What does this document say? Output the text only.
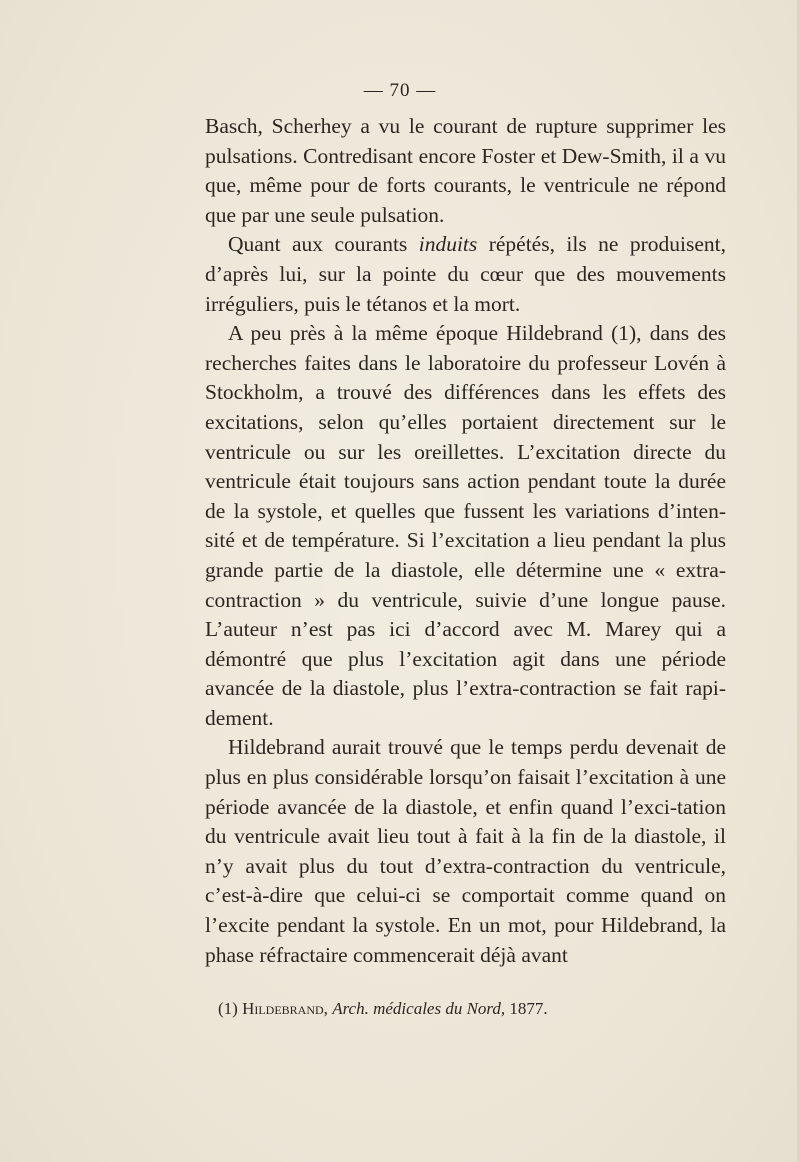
— 70 —

Basch, Scherhey a vu le courant de rupture supprimer les pulsations. Contredisant encore Foster et Dew-Smith, il a vu que, même pour de forts courants, le ventricule ne répond que par une seule pulsation.

Quant aux courants induits répétés, ils ne produisent, d’après lui, sur la pointe du cœur que des mouvements irréguliers, puis le tétanos et la mort.

A peu près à la même époque Hildebrand (1), dans des recherches faites dans le laboratoire du professeur Lovén à Stockholm, a trouvé des différences dans les effets des excitations, selon qu’elles portaient directement sur le ventricule ou sur les oreillettes. L’excitation directe du ventricule était toujours sans action pendant toute la durée de la systole, et quelles que fussent les variations d’inten-sité et de température. Si l’excitation a lieu pendant la plus grande partie de la diastole, elle détermine une « extra-contraction » du ventricule, suivie d’une longue pause. L’auteur n’est pas ici d’accord avec M. Marey qui a démontré que plus l’excitation agit dans une période avancée de la diastole, plus l’extra-contraction se fait rapi-dement.

Hildebrand aurait trouvé que le temps perdu devenait de plus en plus considérable lorsqu’on faisait l’excitation à une période avancée de la diastole, et enfin quand l’exci-tation du ventricule avait lieu tout à fait à la fin de la diastole, il n’y avait plus du tout d’extra-contraction du ventricule, c’est-à-dire que celui-ci se comportait comme quand on l’excite pendant la systole. En un mot, pour Hildebrand, la phase réfractaire commencerait déjà avant

(1) Hildebrand, Arch. médicales du Nord, 1877.
